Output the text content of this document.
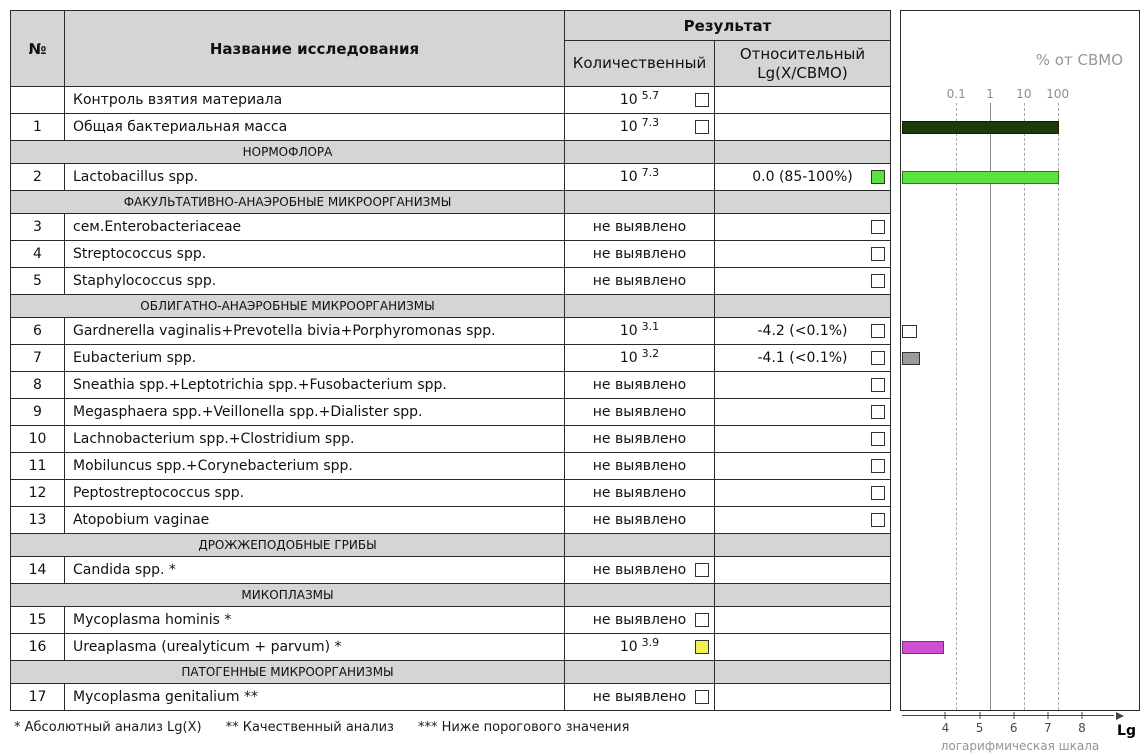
№	Название исследования	Результат	
		Количественный	Относительный
Lg(X/СВМО)
	Контроль взятия материала	10 $^{5.7}$

1	Общая бактериальная масса	10 $^{7.3}$

НОРМОФЛОРА			
2	Lactobacillus spp.	10 $^{7.3}$	0.0 (85-100%)

ФАКУЛЬТАТИВНО-АНАЭРОБНЫЕ МИКРООРГАНИЗМЫ			
3	сем.Enterobacteriaceae	не выявлено	

4	Streptococcus spp.	не выявлено	

5	Staphylococcus spp.	не выявлено	

ОБЛИГАТНО-АНАЭРОБНЫЕ МИКРООРГАНИЗМЫ			
6	Gardnerella vaginalis+Prevotella bivia+Porphyromonas spp.	10 $^{3.1}$	-4.2 (<0.1%)

7	Eubacterium spp.	10 $^{3.2}$	-4.1 (<0.1%)

8	Sneathia spp.+Leptotrichia spp.+Fusobacterium spp.	не выявлено	

9	Megasphaera spp.+Veillonella spp.+Dialister spp.	не выявлено	

10	Lachnobacterium spp.+Clostridium spp.	не выявлено	

11	Mobiluncus spp.+Corynebacterium spp.	не выявлено	

12	Peptostreptococcus spp.	не выявлено	

13	Atopobium vaginae	не выявлено	

ДРОЖЖЕПОДОБНЫЕ ГРИБЫ			
14	Candida spp. *	не выявлено

МИКОПЛАЗМЫ			
15	Mycoplasma hominis *	не выявлено

16	Ureaplasma (urealyticum + parvum) *	10 $^{3.9}$

ПАТОГЕННЫЕ МИКРООРГАНИЗМЫ			
17	Mycoplasma genitalium **	не выявлено

% от СВМО
0.1 1 10 100
Lg
логарифмическая шкала
4 5 6 7 8
* Абсолютный анализ Lg(X) ** Качественный анализ *** Ниже порогового значения
